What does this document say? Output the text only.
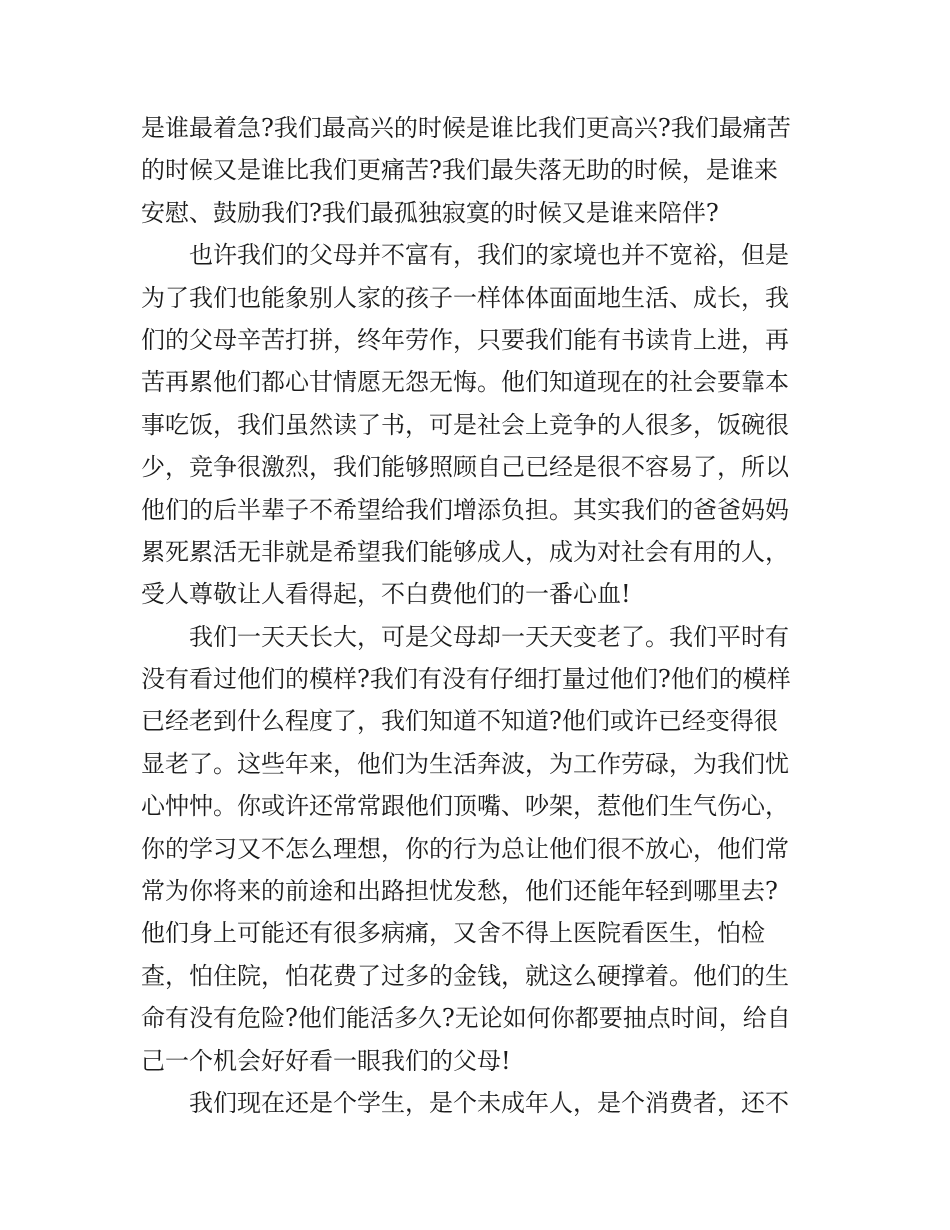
是谁最着急?我们最高兴的时候是谁比我们更高兴?我们最痛苦
的时候又是谁比我们更痛苦?我们最失落无助的时候，是谁来
安慰、鼓励我们?我们最孤独寂寞的时候又是谁来陪伴?
也许我们的父母并不富有，我们的家境也并不宽裕，但是
为了我们也能象别人家的孩子一样体体面面地生活、成长，我
们的父母辛苦打拼，终年劳作，只要我们能有书读肯上进，再
苦再累他们都心甘情愿无怨无悔。他们知道现在的社会要靠本
事吃饭，我们虽然读了书，可是社会上竞争的人很多，饭碗很
少，竞争很激烈，我们能够照顾自己已经是很不容易了，所以
他们的后半辈子不希望给我们增添负担。其实我们的爸爸妈妈
累死累活无非就是希望我们能够成人，成为对社会有用的人，
受人尊敬让人看得起，不白费他们的一番心血!
我们一天天长大，可是父母却一天天变老了。我们平时有
没有看过他们的模样?我们有没有仔细打量过他们?他们的模样
已经老到什么程度了，我们知道不知道?他们或许已经变得很
显老了。这些年来，他们为生活奔波，为工作劳碌，为我们忧
心忡忡。你或许还常常跟他们顶嘴、吵架，惹他们生气伤心，
你的学习又不怎么理想，你的行为总让他们很不放心，他们常
常为你将来的前途和出路担忧发愁，他们还能年轻到哪里去?
他们身上可能还有很多病痛，又舍不得上医院看医生，怕检
查，怕住院，怕花费了过多的金钱，就这么硬撑着。他们的生
命有没有危险?他们能活多久?无论如何你都要抽点时间，给自
己一个机会好好看一眼我们的父母!
我们现在还是个学生，是个未成年人，是个消费者，还不
